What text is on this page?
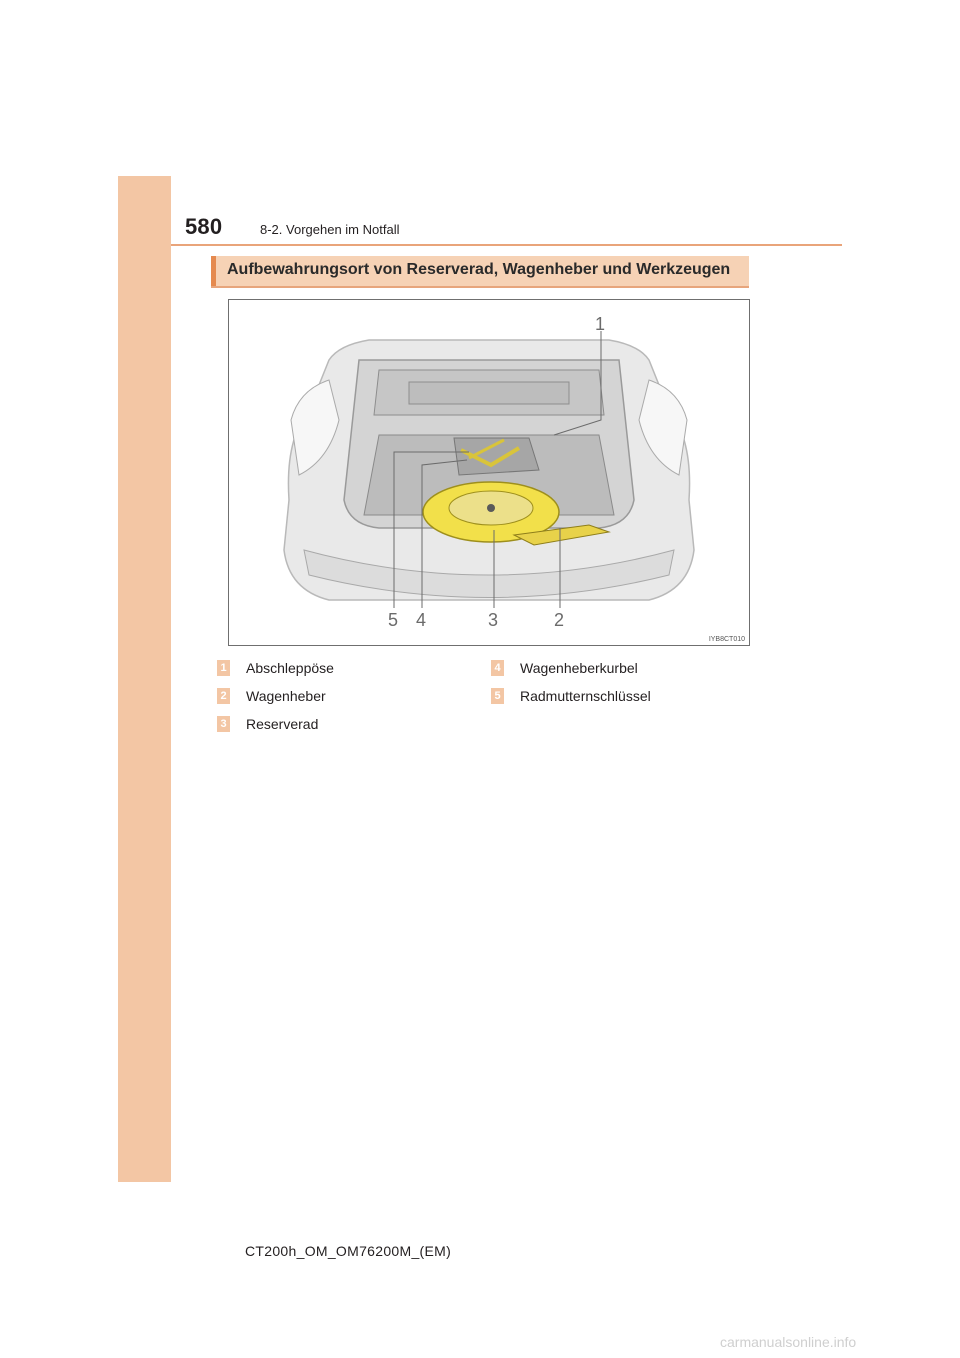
580	8-2. Vorgehen im Notfall
Aufbewahrungsort von Reserverad, Wagenheber und Werkzeugen
1
2
3
4
5
IYB8CT010
1 Abschleppöse
2 Wagenheber
3 Reserverad
4 Wagenheberkurbel
5 Radmutternschlüssel
CT200h_OM_OM76200M_(EM)
carmanualsonline.info
